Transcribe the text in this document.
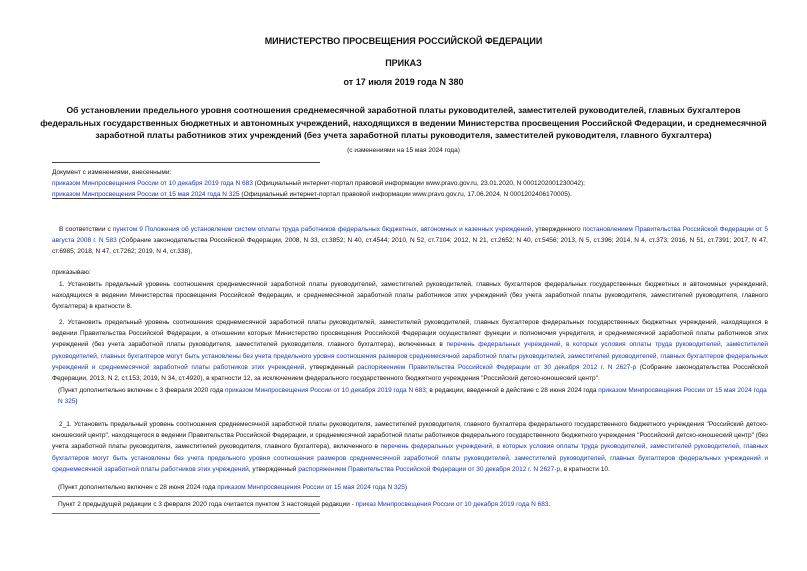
МИНИСТЕРСТВО ПРОСВЕЩЕНИЯ РОССИЙСКОЙ ФЕДЕРАЦИИ
ПРИКАЗ
от 17 июля 2019 года N 380
Об установлении предельного уровня соотношения среднемесячной заработной платы руководителей, заместителей руководителей, главных бухгалтеров федеральных государственных бюджетных и автономных учреждений, находящихся в ведении Министерства просвещения Российской Федерации, и среднемесячной заработной платы работников этих учреждений (без учета заработной платы руководителя, заместителей руководителя, главного бухгалтера)
(с изменениями на 15 мая 2024 года)
Документ с изменениями, внесенными:
приказом Минпросвещения России от 10 декабря 2019 года N 683 (Официальный интернет-портал правовой информации www.pravo.gov.ru, 23.01.2020, N 0001202001230042);
приказом Минпросвещения России от 15 мая 2024 года N 325 (Официальный интернет-портал правовой информации www.pravo.gov.ru, 17.06.2024, N 0001202406170005).

В соответствии с пунктом 9 Положения об установлении систем оплаты труда работников федеральных бюджетных, автономных и казенных учреждений, утвержденного постановлением Правительства Российской Федерации от 5 августа 2008 г. N 583 (Собрание законодательства Российской Федерации, 2008, N 33, ст.3852; N 40, ст.4544; 2010, N 52, ст.7104; 2012, N 21, ст.2652; N 40, ст.5456; 2013, N 5, ст.396; 2014, N 4, ст.373; 2016, N 51, ст.7391; 2017, N 47, ст.6985; 2018, N 47, ст.7262; 2019, N 4, ст.338),

приказываю:

1. Установить предельный уровень соотношения среднемесячной заработной платы руководителей, заместителей руководителей, главных бухгалтеров федеральных государственных бюджетных и автономных учреждений, находящихся в ведении Министерства просвещения Российской Федерации, и среднемесячной заработной платы работников этих учреждений (без учета заработной платы руководителя, заместителей руководителя, главного бухгалтера) в кратности 8.

2. Установить предельный уровень соотношения среднемесячной заработной платы руководителей, заместителей руководителей, главных бухгалтеров федеральных государственных бюджетных учреждений, находящихся в ведении Правительства Российской Федерации, в отношении которых Министерство просвещения Российской Федерации осуществляет функции и полномочия учредителя, и среднемесячной заработной платы работников этих учреждений (без учета заработной платы руководителя, заместителей руководителя, главного бухгалтера), включенных в перечень федеральных учреждений, в которых условия оплаты труда руководителей, заместителей руководителей, главных бухгалтеров могут быть установлены без учета предельного уровня соотношения размеров среднемесячной заработной платы руководителей, заместителей руководителей, главных бухгалтеров федеральных учреждений и среднемесячной заработной платы работников этих учреждений, утвержденный распоряжением Правительства Российской Федерации от 30 декабря 2012 г. N 2627-р (Собрание законодательства Российской Федерации, 2013, N 2, ст.153; 2019, N 34, ст.4920), в кратности 12, за исключением федерального государственного бюджетного учреждения "Российский детско-юношеский центр".

(Пункт дополнительно включен с 3 февраля 2020 года приказом Минпросвещения России от 10 декабря 2019 года N 683; в редакции, введенной в действие с 28 июня 2024 года приказом Минпросвещения России от 15 мая 2024 года N 325)

2_1. Установить предельный уровень соотношения среднемесячной заработной платы руководителя, заместителей руководителя, главного бухгалтера федерального государственного бюджетного учреждения "Российский детско-юношеский центр", находящегося в ведении Правительства Российской Федерации, и среднемесячной заработной платы работников федерального государственного бюджетного учреждения "Российский детско-юношеский центр" (без учета заработной платы руководителя, заместителей руководителя, главного бухгалтера), включенного в перечень федеральных учреждений, в которых условия оплаты труда руководителей, заместителей руководителей, главных бухгалтеров могут быть установлены без учета предельного уровня соотношения размеров среднемесячной заработной платы руководителей, заместителей руководителей, главных бухгалтеров федеральных учреждений и среднемесячной заработной платы работников этих учреждений, утвержденный распоряжением Правительства Российской Федерации от 30 декабря 2012 г. N 2627-р, в кратности 10.

(Пункт дополнительно включен с 28 июня 2024 года приказом Минпросвещения России от 15 мая 2024 года N 325)
Пункт 2 предыдущей редакции с 3 февраля 2020 года считается пунктом 3 настоящей редакции - приказ Минпросвещения России от 10 декабря 2019 года N 683.
